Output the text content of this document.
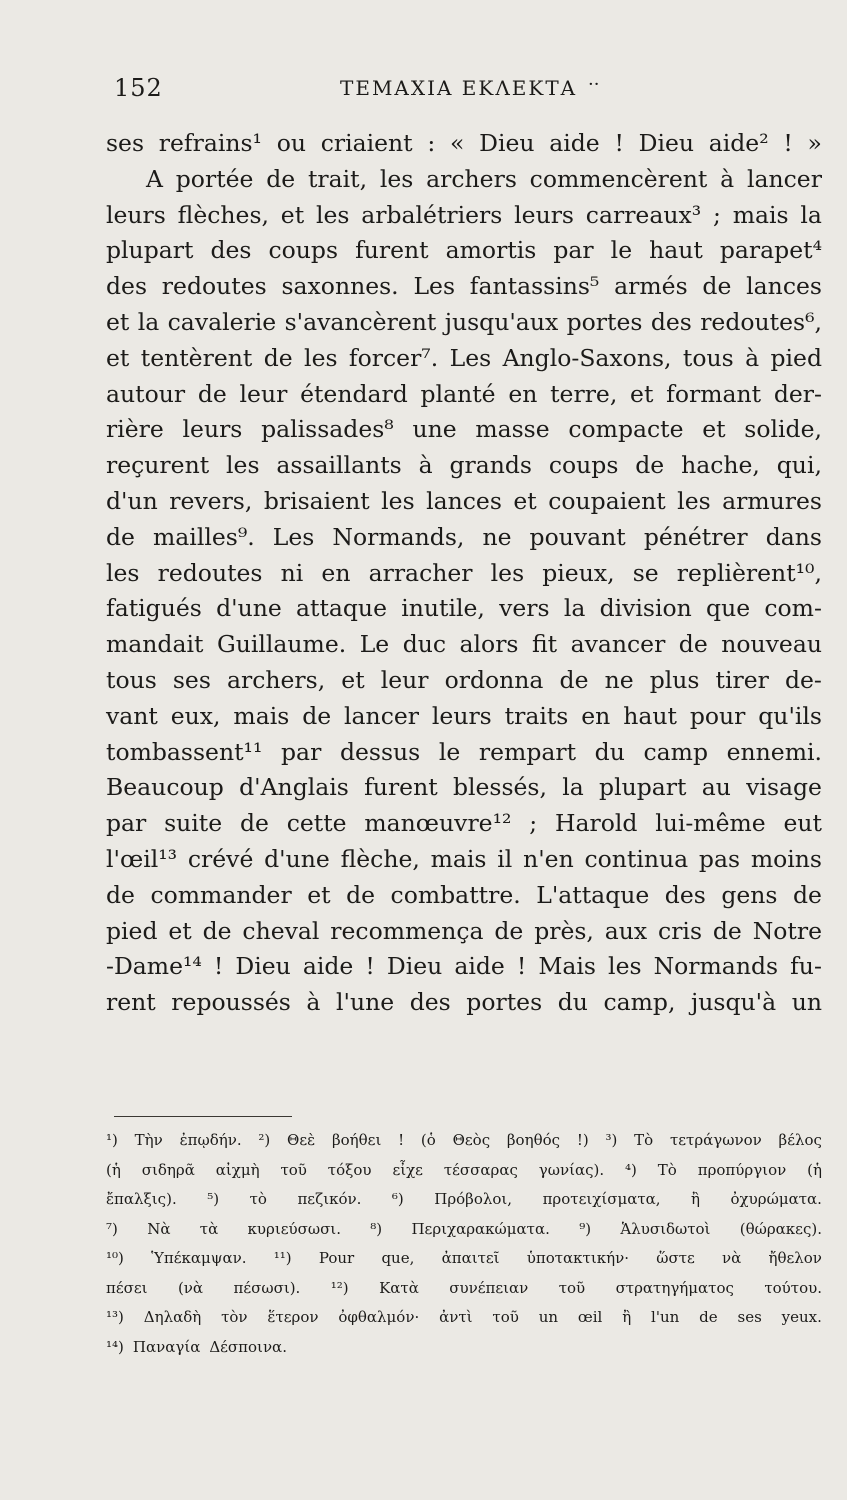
152	ΤΕΜΑΧΙΑ ΕΚΛΕΚΤΑ ··
ses refrains¹ ou criaient : « Dieu aide ! Dieu aide² ! »
A portée de trait, les archers commencèrent à lancer
leurs flèches, et les arbalétriers leurs carreaux³ ; mais la
plupart des coups furent amortis par le haut parapet⁴
des redoutes saxonnes. Les fantassins⁵ armés de lances
et la cavalerie s'avancèrent jusqu'aux portes des redoutes⁶,
et tentèrent de les forcer⁷. Les Anglo-Saxons, tous à pied
autour de leur étendard planté en terre, et formant der-
rière leurs palissades⁸ une masse compacte et solide,
reçurent les assaillants à grands coups de hache, qui,
d'un revers, brisaient les lances et coupaient les armures
de mailles⁹. Les Normands, ne pouvant pénétrer dans
les redoutes ni en arracher les pieux, se replièrent¹⁰,
fatigués d'une attaque inutile, vers la division que com-
mandait Guillaume. Le duc alors fit avancer de nouveau
tous ses archers, et leur ordonna de ne plus tirer de-
vant eux, mais de lancer leurs traits en haut pour qu'ils
tombassent¹¹ par dessus le rempart du camp ennemi.
Beaucoup d'Anglais furent blessés, la plupart au visage
par suite de cette manœuvre¹² ; Harold lui-même eut
l'œil¹³ crévé d'une flèche, mais il n'en continua pas moins
de commander et de combattre. L'attaque des gens de
pied et de cheval recommença de près, aux cris de Notre
-Dame¹⁴ ! Dieu aide ! Dieu aide ! Mais les Normands fu-
rent repoussés à l'une des portes du camp, jusqu'à un
¹) Τὴν ἐπῳδήν. ²) Θεὲ βοήθει ! (ὁ Θεὸς βοηθός !) ³) Τὸ τετράγωνον βέλος
(ἡ σιδηρᾶ αἰχμὴ τοῦ τόξου εἶχε τέσσαρας γωνίας). ⁴) Τὸ προπύργιον (ἡ
ἔπαλξις). ⁵) τὸ πεζικόν. ⁶) Πρόβολοι, προτειχίσματα, ἢ ὀχυρώματα.
⁷) Νὰ τὰ κυριεύσωσι. ⁸) Περιχαρακώματα. ⁹) Ἁλυσιδωτοὶ (θώρακες).
¹⁰) Ὑπέκαμψαν. ¹¹) Pour que, ἀπαιτεῖ ὑποτακτικήν· ὥστε νὰ ἤθελον
πέσει (νὰ πέσωσι). ¹²) Κατὰ συνέπειαν τοῦ στρατηγήματος τούτου.
¹³) Δηλαδὴ τὸν ἕτερον ὀφθαλμόν· ἀντὶ τοῦ un œil ἢ l'un de ses yeux.
¹⁴) Παναγία Δέσποινα.
